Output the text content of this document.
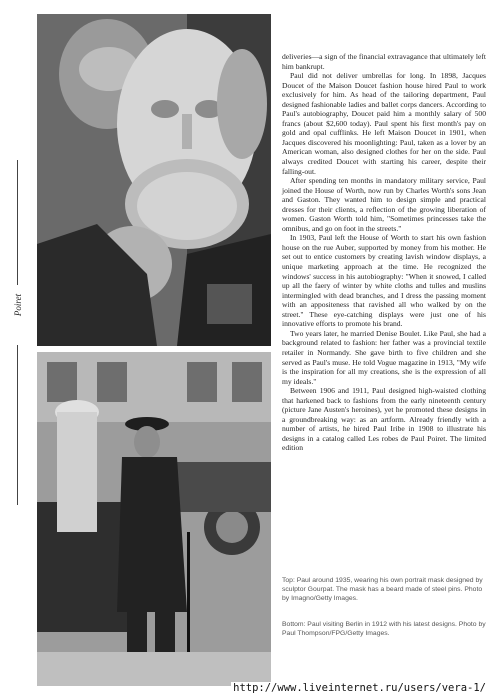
Poiret

deliveries—a sign of the financial extravagance that ultimately left him bankrupt.

Paul did not deliver umbrellas for long. In 1898, Jacques Doucet of the Maison Doucet fashion house hired Paul to work exclusively for him. As head of the tailoring department, Paul designed fashionable ladies and ballet corps dancers. According to Paul's autobiography, Doucet paid him a monthly salary of 500 francs (about $2,600 today). Paul spent his first month's pay on gold and opal cufflinks. He left Maison Doucet in 1901, when Jacques discovered his moonlighting: Paul, taken as a lover by an American woman, also designed clothes for her on the side. Paul always credited Doucet with starting his career, despite their falling-out.

After spending ten months in mandatory military service, Paul joined the House of Worth, now run by Charles Worth's sons Jean and Gaston. They wanted him to design simple and practical dresses for their clients, a reflection of the growing liberation of women. Gaston Worth told him, "Sometimes princesses take the omnibus, and go on foot in the streets."

In 1903, Paul left the House of Worth to start his own fashion house on the rue Auber, supported by money from his mother. He set out to entice customers by creating lavish window displays, a unique marketing approach at the time. He recognized the windows' success in his autobiography: "When it snowed, I called up all the faery of winter by white cloths and tulles and muslins intermingled with dead branches, and I dress the passing moment with an appositeness that ravished all who walked by on the street." These eye-catching displays were just one of his innovative efforts to promote his brand.

Two years later, he married Denise Boulet. Like Paul, she had a background related to fashion: her father was a provincial textile retailer in Normandy. She gave birth to five children and she served as Paul's muse. He told Vogue magazine in 1913, "My wife is the inspiration for all my creations, she is the expression of all my ideals."

Between 1906 and 1911, Paul designed high-waisted clothing that harkened back to fashions from the early nineteenth century (picture Jane Austen's heroines), yet he promoted these designs in a groundbreaking way: as an artform. Already friendly with a number of artists, he hired Paul Iribe in 1908 to illustrate his designs in a catalog called Les robes de Paul Poiret. The limited edition

Top: Paul around 1935, wearing his own portrait mask designed by sculptor Gourpat. The mask has a beard made of steel pins. Photo by Imagno/Getty Images.
Bottom: Paul visiting Berlin in 1912 with his latest designs. Photo by Paul Thompson/FPG/Getty Images.
http://www.liveinternet.ru/users/vera-1/
